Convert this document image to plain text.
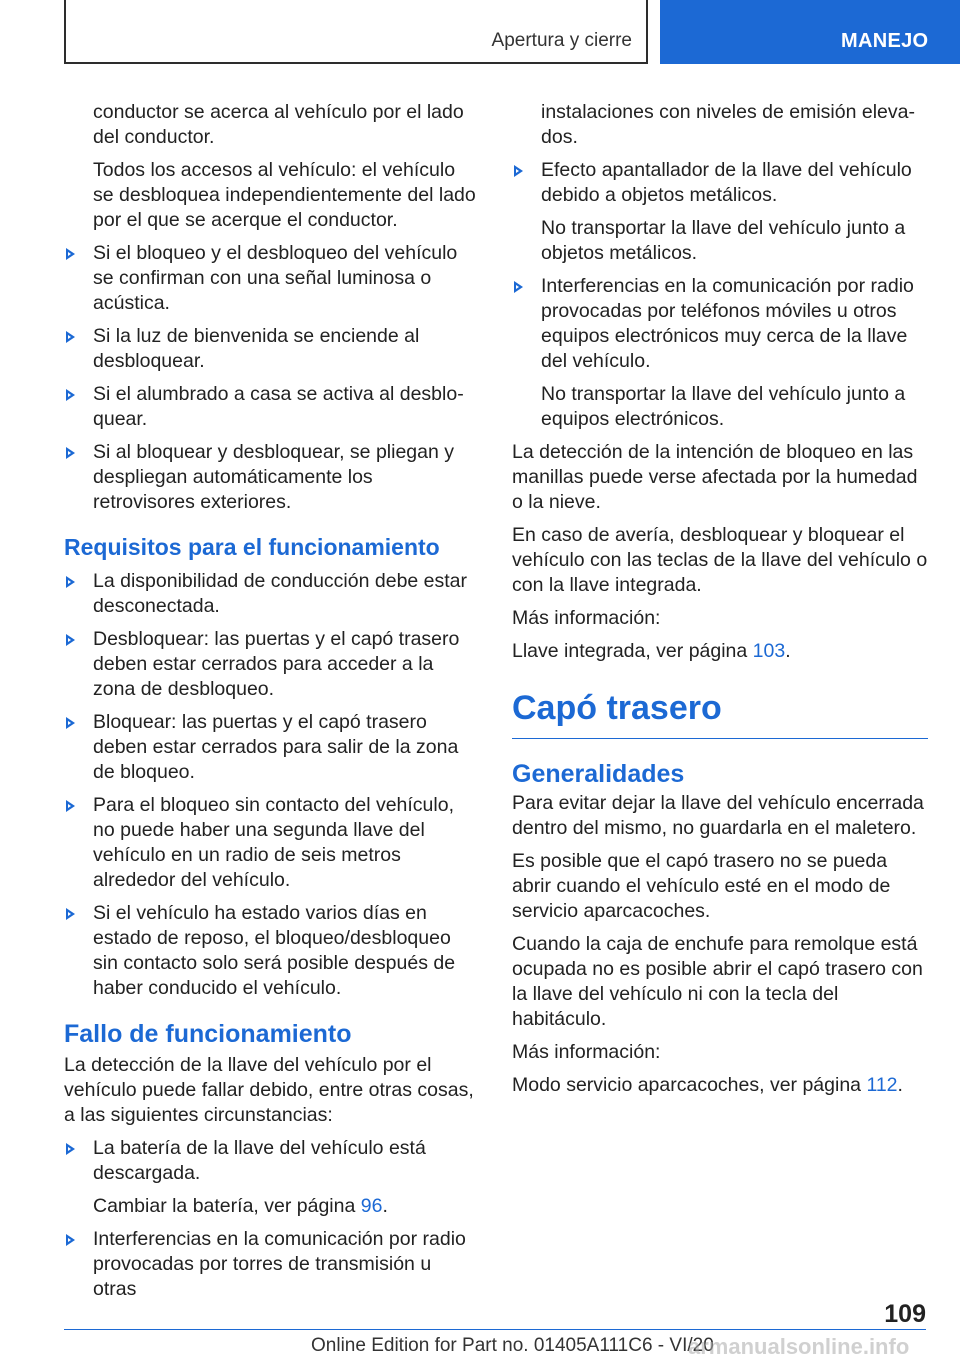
Apertura y cierre	MANEJO

conductor se acerca al vehículo por el lado del conductor.

Todos los accesos al vehículo: el vehículo se desbloquea independientemente del lado por el que se acerque el conductor.

Si el bloqueo y el desbloqueo del vehículo se confirman con una señal luminosa o acústica.
Si la luz de bienvenida se enciende al desbloquear.
Si el alumbrado a casa se activa al desbloquear.
Si al bloquear y desbloquear, se pliegan y despliegan automáticamente los retrovisores exteriores.
Requisitos para el funcionamiento
La disponibilidad de conducción debe estar desconectada.
Desbloquear: las puertas y el capó trasero deben estar cerrados para acceder a la zona de desbloqueo.
Bloquear: las puertas y el capó trasero deben estar cerrados para salir de la zona de bloqueo.
Para el bloqueo sin contacto del vehículo, no puede haber una segunda llave del vehículo en un radio de seis metros alrededor del vehículo.
Si el vehículo ha estado varios días en estado de reposo, el bloqueo/desbloqueo sin contacto solo será posible después de haber conducido el vehículo.
Fallo de funcionamiento

La detección de la llave del vehículo por el vehículo puede fallar debido, entre otras cosas, a las siguientes circunstancias:

La batería de la llave del vehículo está descargada.
Cambiar la batería, ver página 96.
Interferencias en la comunicación por radio provocadas por torres de transmisión u otras

instalaciones con niveles de emisión elevados.

Efecto apantallador de la llave del vehículo debido a objetos metálicos.
No transportar la llave del vehículo junto a objetos metálicos.
Interferencias en la comunicación por radio provocadas por teléfonos móviles u otros equipos electrónicos muy cerca de la llave del vehículo.
No transportar la llave del vehículo junto a equipos electrónicos.

La detección de la intención de bloqueo en las manillas puede verse afectada por la humedad o la nieve.

En caso de avería, desbloquear y bloquear el vehículo con las teclas de la llave del vehículo o con la llave integrada.

Más información:

Llave integrada, ver página 103.

Capó trasero
Generalidades

Para evitar dejar la llave del vehículo encerrada dentro del mismo, no guardarla en el maletero.

Es posible que el capó trasero no se pueda abrir cuando el vehículo esté en el modo de servicio aparcacoches.

Cuando la caja de enchufe para remolque está ocupada no es posible abrir el capó trasero con la llave del vehículo ni con la tecla del habitáculo.

Más información:

Modo servicio aparcacoches, ver página 112.

109
Online Edition for Part no. 01405A111C6 - VI/20
armanualsonline.info
